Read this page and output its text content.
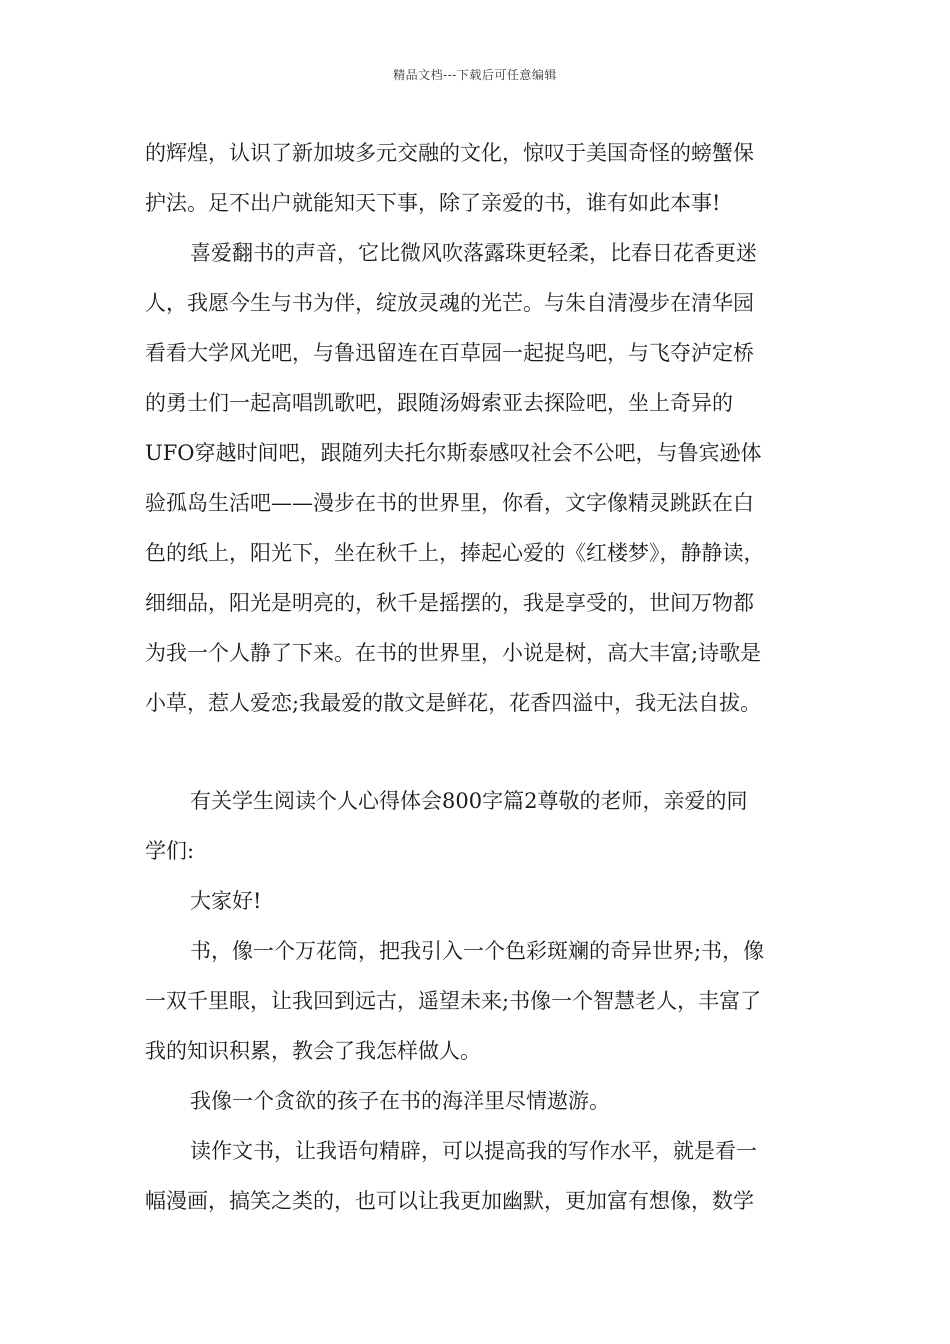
精品文档---下载后可任意编辑
的辉煌，认识了新加坡多元交融的文化，惊叹于美国奇怪的螃蟹保
护法。足不出户就能知天下事，除了亲爱的书，谁有如此本事!
喜爱翻书的声音，它比微风吹落露珠更轻柔，比春日花香更迷
人，我愿今生与书为伴，绽放灵魂的光芒。与朱自清漫步在清华园
看看大学风光吧，与鲁迅留连在百草园一起捉鸟吧，与飞夺泸定桥
的勇士们一起高唱凯歌吧，跟随汤姆索亚去探险吧，坐上奇异的
UFO穿越时间吧，跟随列夫托尔斯泰感叹社会不公吧，与鲁宾逊体
验孤岛生活吧——漫步在书的世界里，你看，文字像精灵跳跃在白
色的纸上，阳光下，坐在秋千上，捧起心爱的《红楼梦》，静静读，
细细品，阳光是明亮的，秋千是摇摆的，我是享受的，世间万物都
为我一个人静了下来。在书的世界里，小说是树，高大丰富;诗歌是
小草，惹人爱恋;我最爱的散文是鲜花，花香四溢中，我无法自拔。
有关学生阅读个人心得体会800字篇2尊敬的老师，亲爱的同
学们:
大家好!
书，像一个万花筒，把我引入一个色彩斑斓的奇异世界;书，像
一双千里眼，让我回到远古，遥望未来;书像一个智慧老人，丰富了
我的知识积累，教会了我怎样做人。
我像一个贪欲的孩子在书的海洋里尽情遨游。
读作文书，让我语句精辟，可以提高我的写作水平，就是看一
幅漫画，搞笑之类的，也可以让我更加幽默，更加富有想像，数学
